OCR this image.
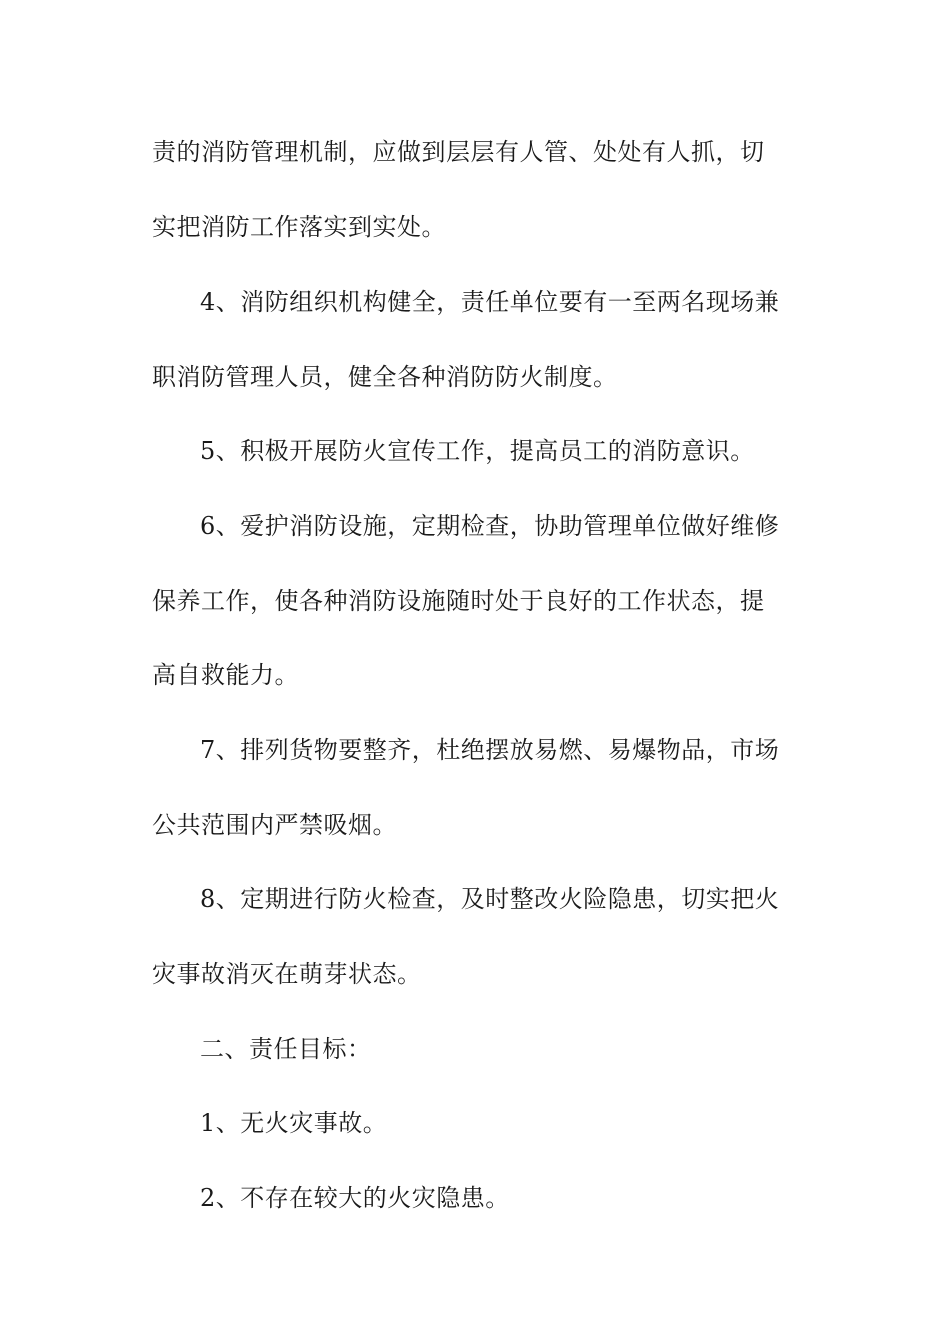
责的消防管理机制，应做到层层有人管、处处有人抓，切
实把消防工作落实到实处。
4、消防组织机构健全，责任单位要有一至两名现场兼
职消防管理人员，健全各种消防防火制度。
5、积极开展防火宣传工作，提高员工的消防意识。
6、爱护消防设施，定期检查，协助管理单位做好维修
保养工作，使各种消防设施随时处于良好的工作状态，提
高自救能力。
7、排列货物要整齐，杜绝摆放易燃、易爆物品，市场
公共范围内严禁吸烟。
8、定期进行防火检查，及时整改火险隐患，切实把火
灾事故消灭在萌芽状态。
二、责任目标：
1、无火灾事故。
2、不存在较大的火灾隐患。
